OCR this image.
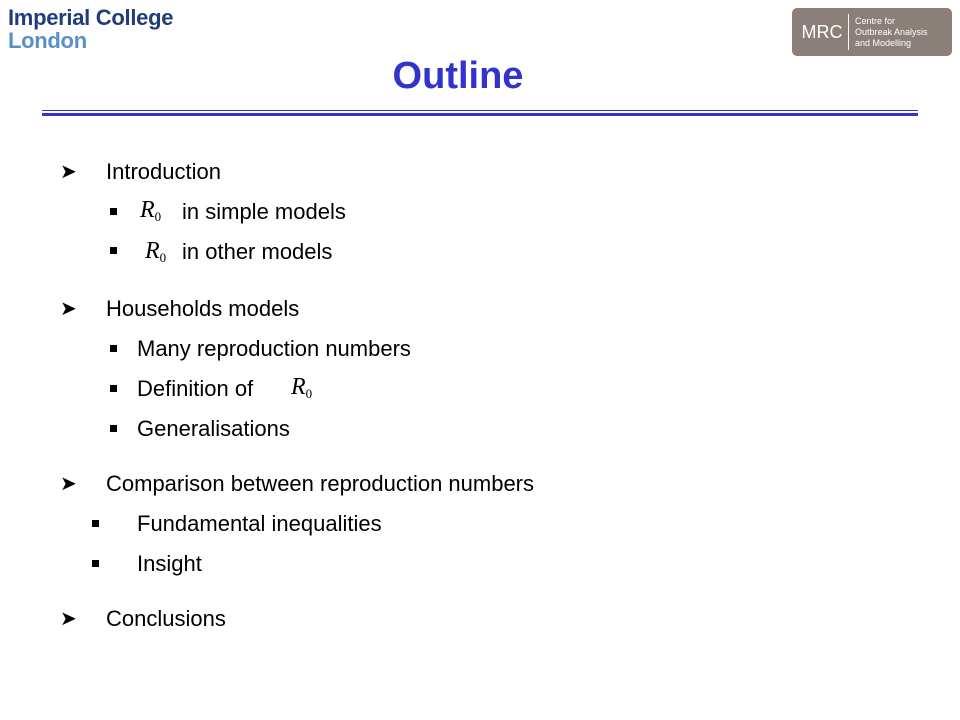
Imperial College
London	MRC
Centre for
Outbreak Analysis
and Modelling
Outline
➤ Introduction
$R_0$ in simple models
$R_0$ in other models
➤ Households models
Many reproduction numbers
Definition of $R_0$
Generalisations
➤ Comparison between reproduction numbers
Fundamental inequalities
Insight
➤ Conclusions
